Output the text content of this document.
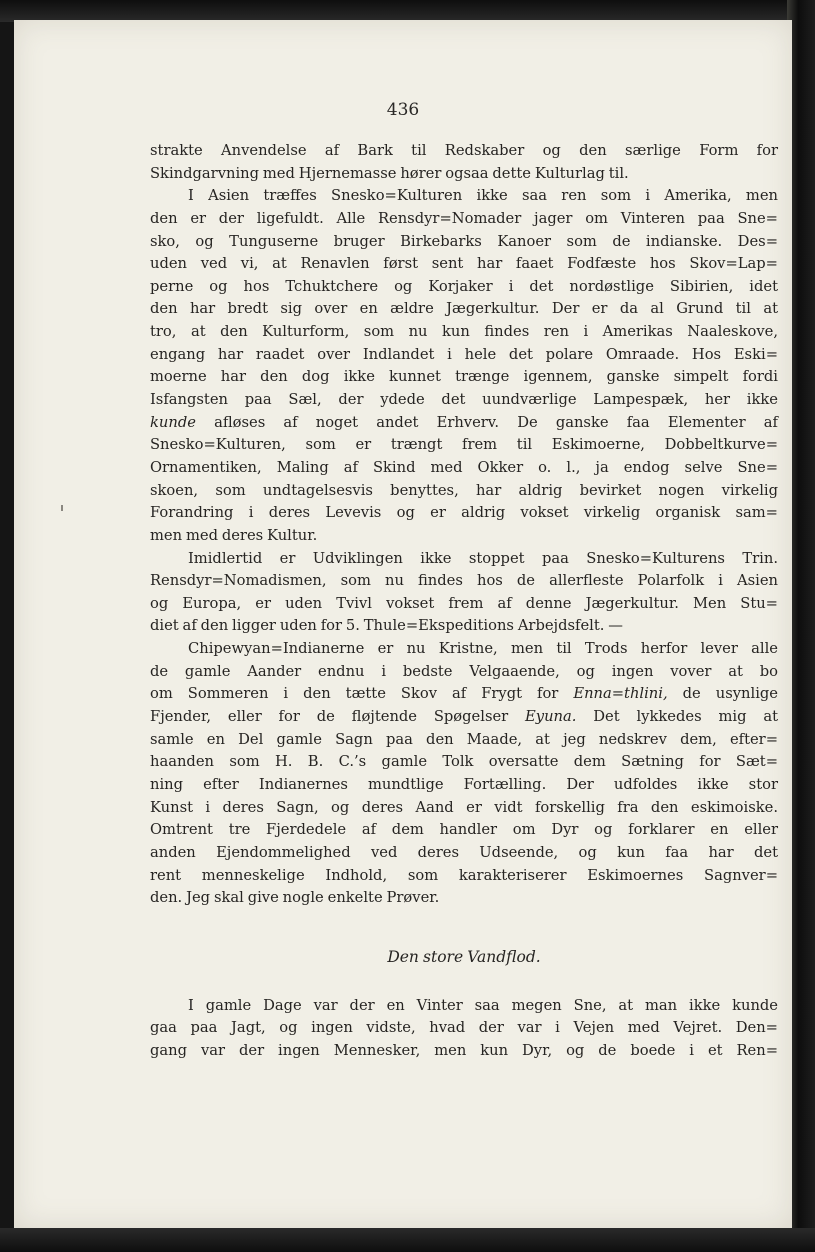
436
strakte Anvendelse af Bark til Redskaber og den særlige Form for
Skindgarvning med Hjernemasse hører ogsaa dette Kulturlag til.
I Asien træffes Snesko=Kulturen ikke saa ren som i Amerika, men
den er der ligefuldt. Alle Rensdyr=Nomader jager om Vinteren paa Sne=
sko, og Tunguserne bruger Birkebarks Kanoer som de indianske. Des=
uden ved vi, at Renavlen først sent har faaet Fodfæste hos Skov=Lap=
perne og hos Tchuktchere og Korjaker i det nordøstlige Sibirien, idet
den har bredt sig over en ældre Jægerkultur. Der er da al Grund til at
tro, at den Kulturform, som nu kun findes ren i Amerikas Naaleskove,
engang har raadet over Indlandet i hele det polare Omraade. Hos Eski=
moerne har den dog ikke kunnet trænge igennem, ganske simpelt fordi
Isfangsten paa Sæl, der ydede det uundværlige Lampespæk, her ikke
kunde afløses af noget andet Erhverv. De ganske faa Elementer af
Snesko=Kulturen, som er trængt frem til Eskimoerne, Dobbeltkurve=
Ornamentiken, Maling af Skind med Okker o. l., ja endog selve Sne=
skoen, som undtagelsesvis benyttes, har aldrig bevirket nogen virkelig
Forandring i deres Levevis og er aldrig vokset virkelig organisk sam=
men med deres Kultur.
Imidlertid er Udviklingen ikke stoppet paa Snesko=Kulturens Trin.
Rensdyr=Nomadismen, som nu findes hos de allerfleste Polarfolk i Asien
og Europa, er uden Tvivl vokset frem af denne Jægerkultur. Men Stu=
diet af den ligger uden for 5. Thule=Ekspeditions Arbejdsfelt. —
Chipewyan=Indianerne er nu Kristne, men til Trods herfor lever alle
de gamle Aander endnu i bedste Velgaaende, og ingen vover at bo
om Sommeren i den tætte Skov af Frygt for Enna=thlini, de usynlige
Fjender, eller for de fløjtende Spøgelser Eyuna. Det lykkedes mig at
samle en Del gamle Sagn paa den Maade, at jeg nedskrev dem, efter=
haanden som H. B. C.’s gamle Tolk oversatte dem Sætning for Sæt=
ning efter Indianernes mundtlige Fortælling. Der udfoldes ikke stor
Kunst i deres Sagn, og deres Aand er vidt forskellig fra den eskimoiske.
Omtrent tre Fjerdedele af dem handler om Dyr og forklarer en eller
anden Ejendommelighed ved deres Udseende, og kun faa har det
rent menneskelige Indhold, som karakteriserer Eskimoernes Sagnver=
den. Jeg skal give nogle enkelte Prøver.
Den store Vandflod.
I gamle Dage var der en Vinter saa megen Sne, at man ikke kunde
gaa paa Jagt, og ingen vidste, hvad der var i Vejen med Vejret. Den=
gang var der ingen Mennesker, men kun Dyr, og de boede i et Ren=
